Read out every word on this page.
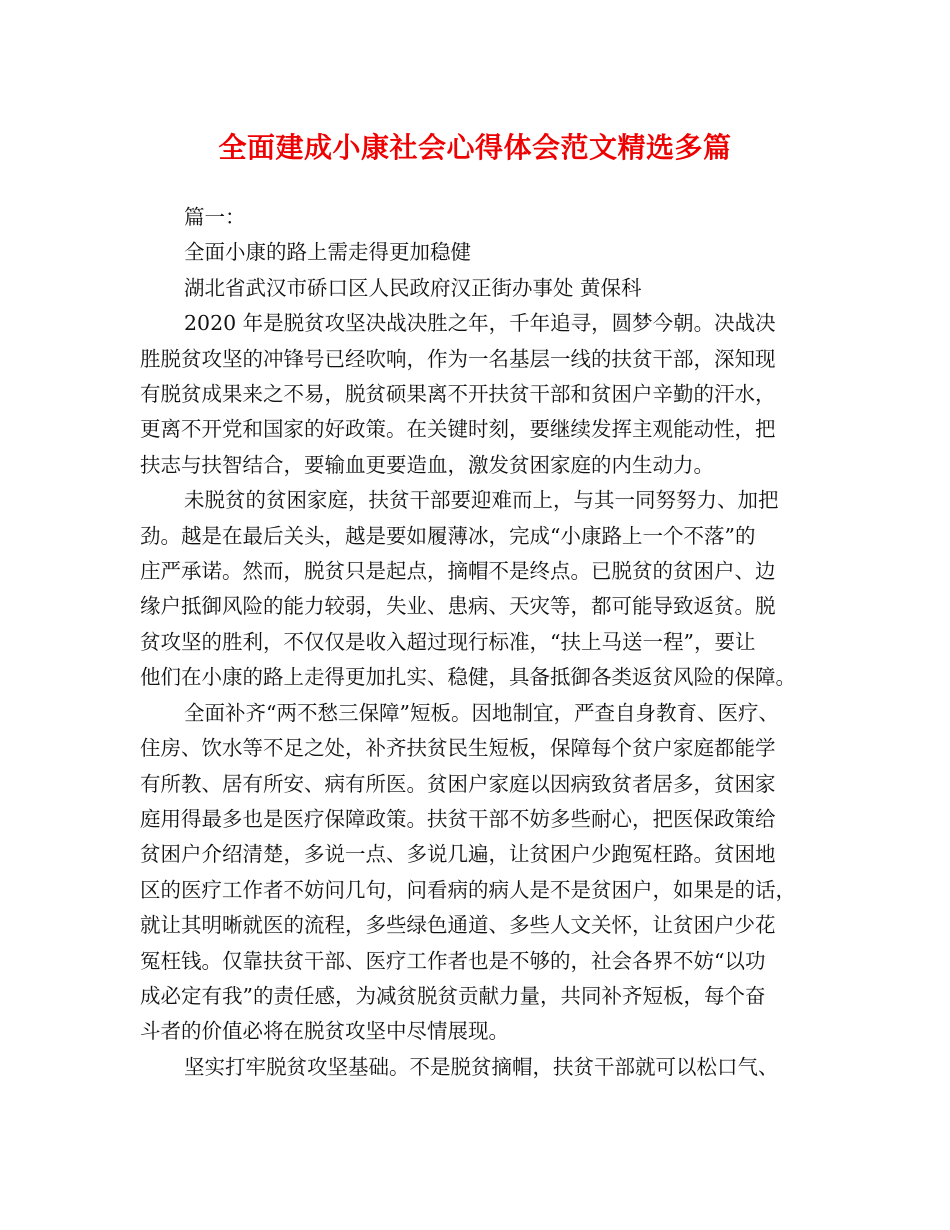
全面建成小康社会心得体会范文精选多篇
篇一：
全面小康的路上需走得更加稳健
湖北省武汉市硚口区人民政府汉正街办事处 黄保科
2020 年是脱贫攻坚决战决胜之年，千年追寻，圆梦今朝。决战决
胜脱贫攻坚的冲锋号已经吹响，作为一名基层一线的扶贫干部，深知现
有脱贫成果来之不易，脱贫硕果离不开扶贫干部和贫困户辛勤的汗水，
更离不开党和国家的好政策。在关键时刻，要继续发挥主观能动性，把
扶志与扶智结合，要输血更要造血，激发贫困家庭的内生动力。
未脱贫的贫困家庭，扶贫干部要迎难而上，与其一同努努力、加把
劲。越是在最后关头，越是要如履薄冰，完成“小康路上一个不落”的
庄严承诺。然而，脱贫只是起点，摘帽不是终点。已脱贫的贫困户、边
缘户抵御风险的能力较弱，失业、患病、天灾等，都可能导致返贫。脱
贫攻坚的胜利，不仅仅是收入超过现行标准，“扶上马送一程”，要让
他们在小康的路上走得更加扎实、稳健，具备抵御各类返贫风险的保障。
全面补齐“两不愁三保障”短板。因地制宜，严查自身教育、医疗、
住房、饮水等不足之处，补齐扶贫民生短板，保障每个贫户家庭都能学
有所教、居有所安、病有所医。贫困户家庭以因病致贫者居多，贫困家
庭用得最多也是医疗保障政策。扶贫干部不妨多些耐心，把医保政策给
贫困户介绍清楚，多说一点、多说几遍，让贫困户少跑冤枉路。贫困地
区的医疗工作者不妨问几句，问看病的病人是不是贫困户，如果是的话，
就让其明晰就医的流程，多些绿色通道、多些人文关怀，让贫困户少花
冤枉钱。仅靠扶贫干部、医疗工作者也是不够的，社会各界不妨“以功
成必定有我”的责任感，为减贫脱贫贡献力量，共同补齐短板，每个奋
斗者的价值必将在脱贫攻坚中尽情展现。
坚实打牢脱贫攻坚基础。不是脱贫摘帽，扶贫干部就可以松口气、
